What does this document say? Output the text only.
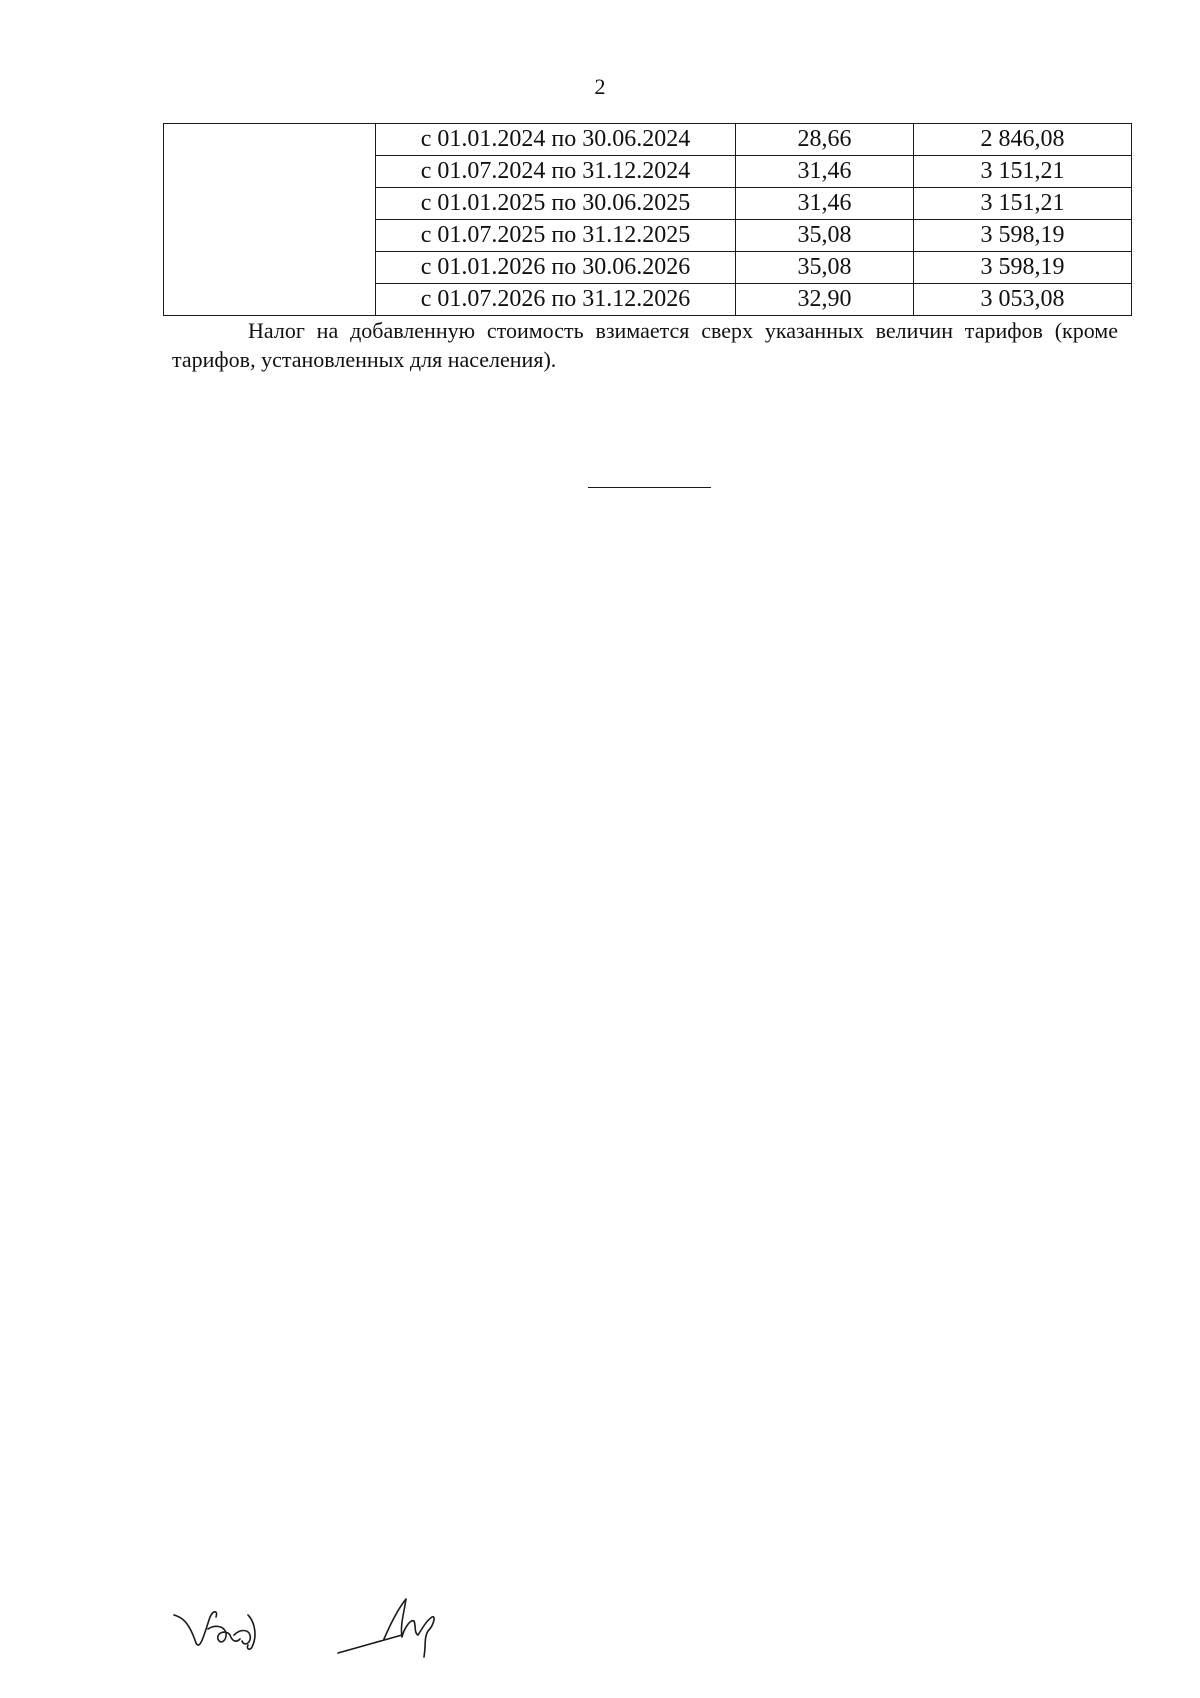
2
	с 01.01.2024 по 30.06.2024	28,66	2 846,08
	с 01.07.2024 по 31.12.2024	31,46	3 151,21
	с 01.01.2025 по 30.06.2025	31,46	3 151,21
	с 01.07.2025 по 31.12.2025	35,08	3 598,19
	с 01.01.2026 по 30.06.2026	35,08	3 598,19
	с 01.07.2026 по 31.12.2026	32,90	3 053,08
Налог на добавленную стоимость взимается сверх указанных величин тарифов (кроме тарифов, установленных для населения).
